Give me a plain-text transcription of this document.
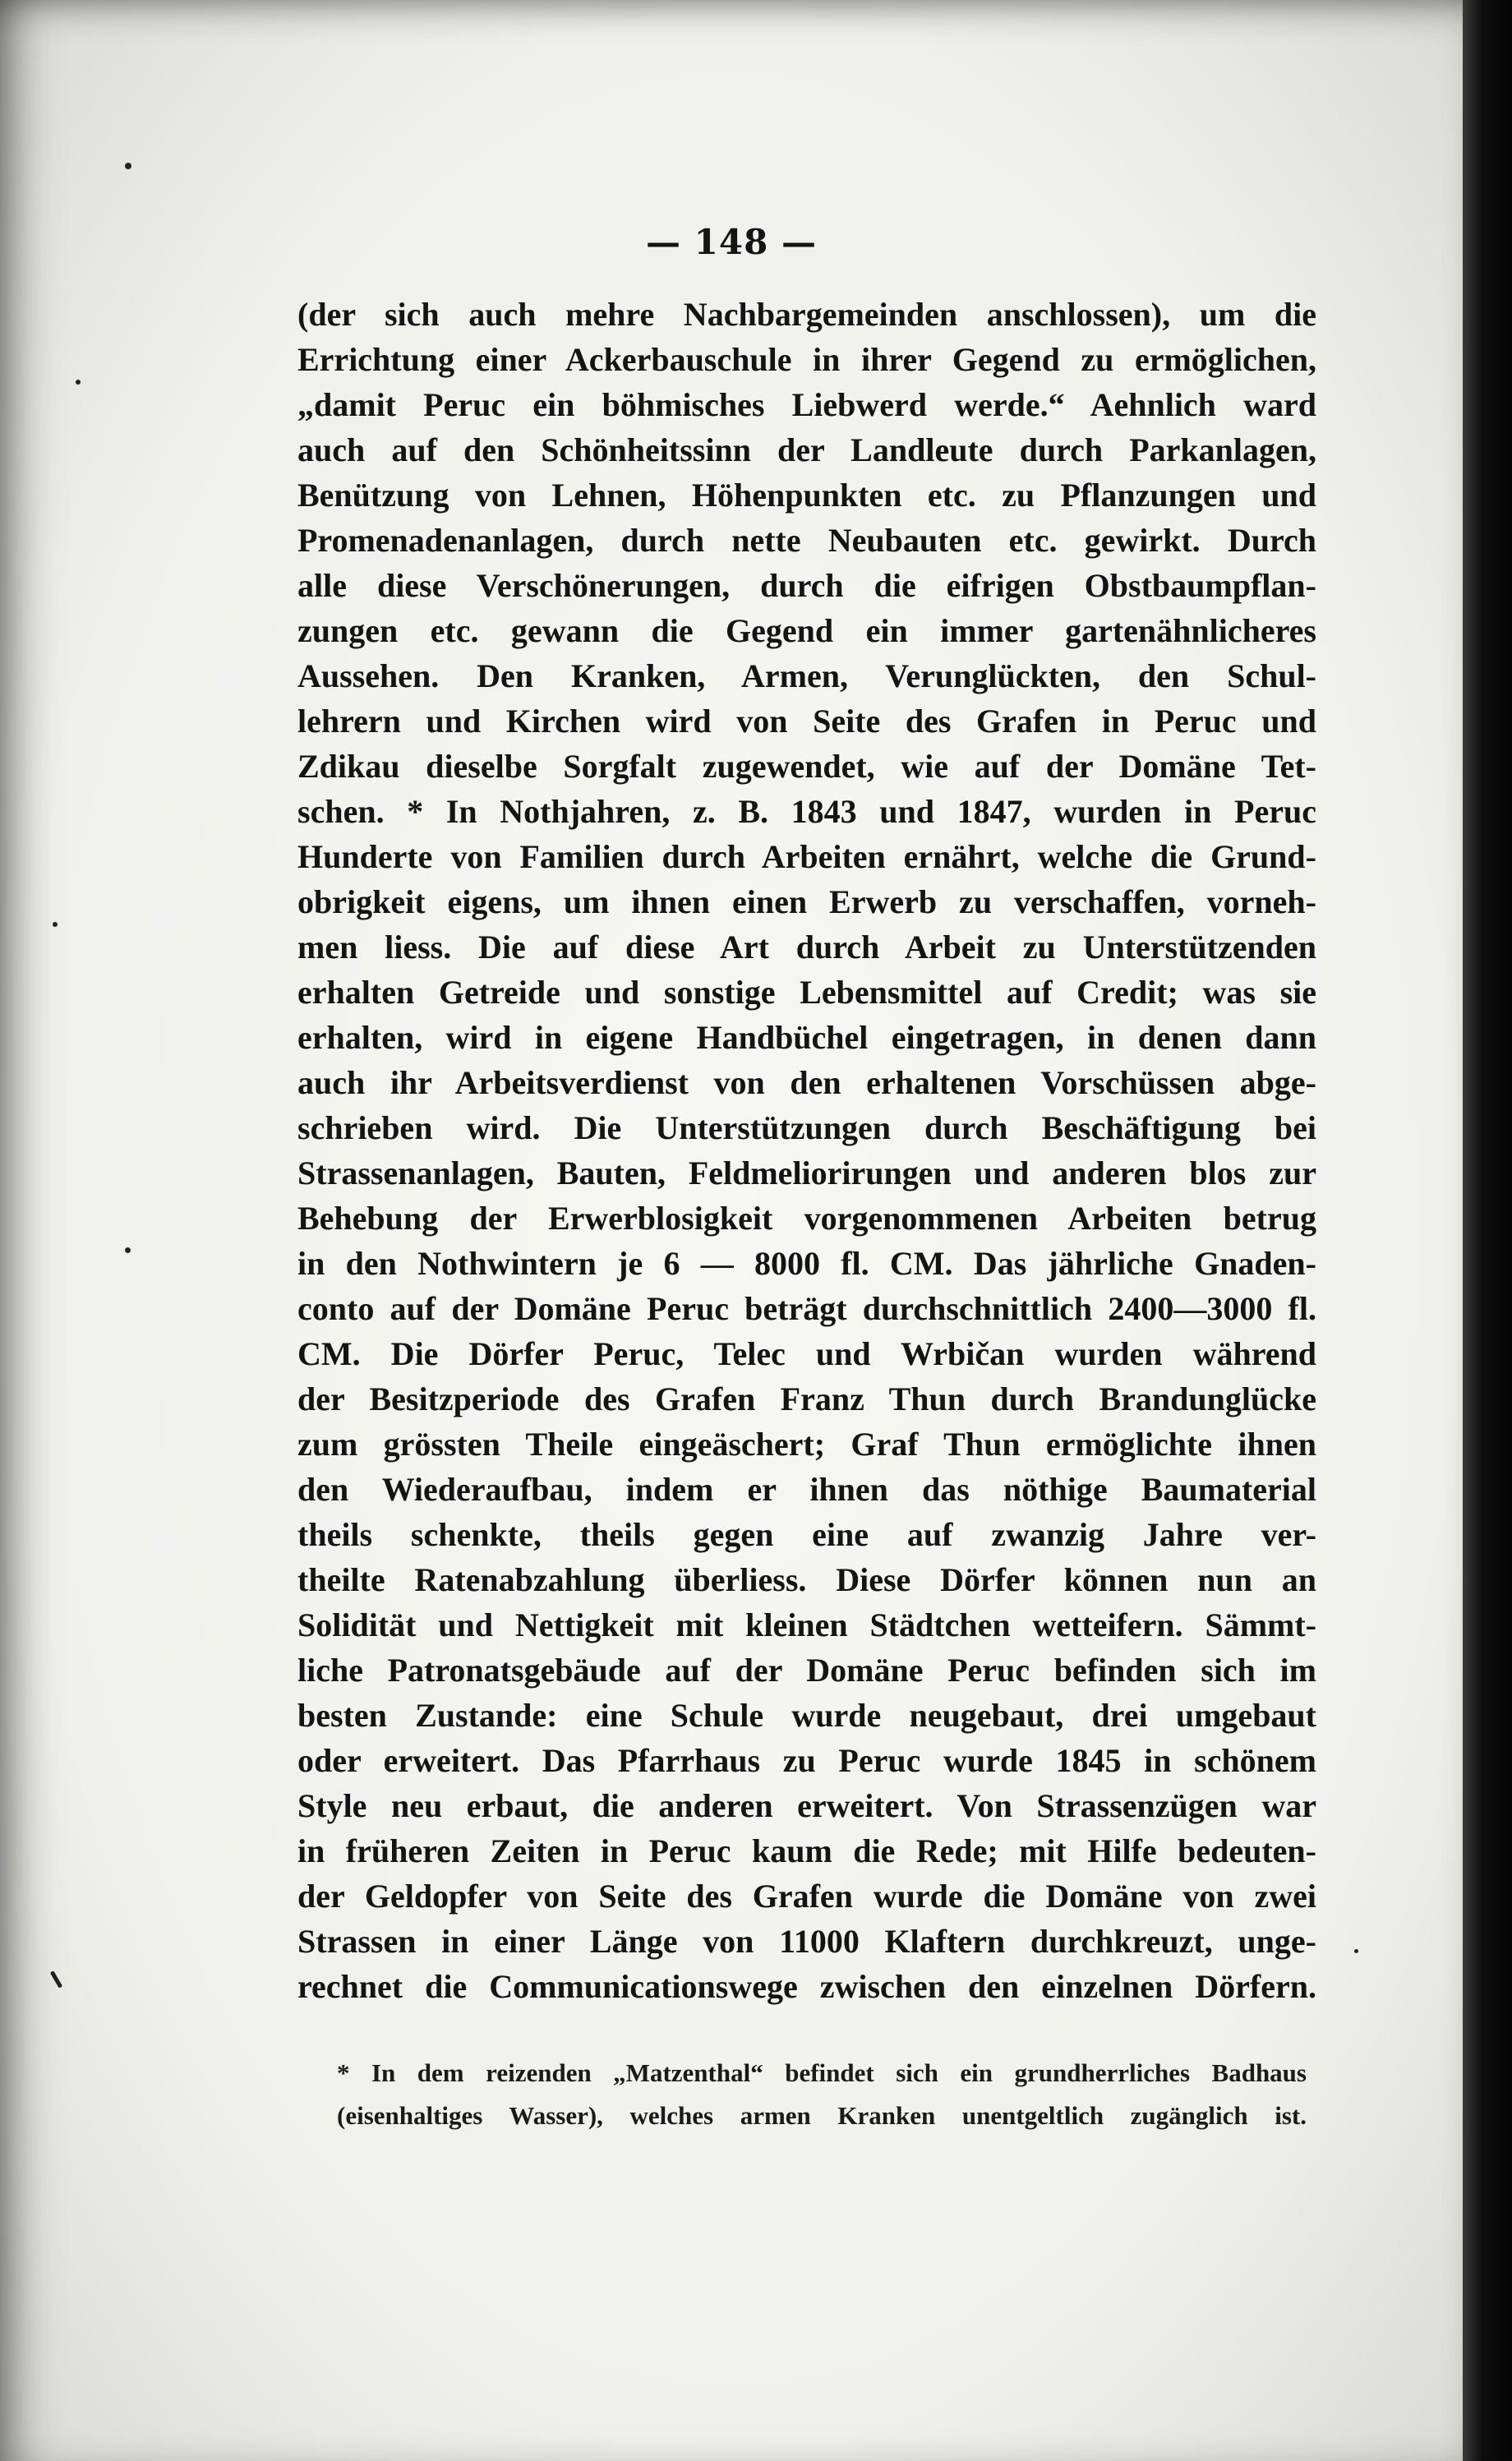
— 148 —
(der sich auch mehre Nachbargemeinden anschlossen), um die
Errichtung einer Ackerbauschule in ihrer Gegend zu ermöglichen,
„damit Peruc ein böhmisches Liebwerd werde.“ Aehnlich ward
auch auf den Schönheitssinn der Landleute durch Parkanlagen,
Benützung von Lehnen, Höhenpunkten etc. zu Pflanzungen und
Promenadenanlagen, durch nette Neubauten etc. gewirkt. Durch
alle diese Verschönerungen, durch die eifrigen Obstbaumpflan-
zungen etc. gewann die Gegend ein immer gartenähnlicheres
Aussehen. Den Kranken, Armen, Verunglückten, den Schul-
lehrern und Kirchen wird von Seite des Grafen in Peruc und
Zdikau dieselbe Sorgfalt zugewendet, wie auf der Domäne Tet-
schen. * In Nothjahren, z. B. 1843 und 1847, wurden in Peruc
Hunderte von Familien durch Arbeiten ernährt, welche die Grund-
obrigkeit eigens, um ihnen einen Erwerb zu verschaffen, vorneh-
men liess. Die auf diese Art durch Arbeit zu Unterstützenden
erhalten Getreide und sonstige Lebensmittel auf Credit; was sie
erhalten, wird in eigene Handbüchel eingetragen, in denen dann
auch ihr Arbeitsverdienst von den erhaltenen Vorschüssen abge-
schrieben wird. Die Unterstützungen durch Beschäftigung bei
Strassenanlagen, Bauten, Feldmeliorirungen und anderen blos zur
Behebung der Erwerblosigkeit vorgenommenen Arbeiten betrug
in den Nothwintern je 6 — 8000 fl. CM. Das jährliche Gnaden-
conto auf der Domäne Peruc beträgt durchschnittlich 2400—3000 fl.
CM. Die Dörfer Peruc, Telec und Wrbičan wurden während
der Besitzperiode des Grafen Franz Thun durch Brandunglücke
zum grössten Theile eingeäschert; Graf Thun ermöglichte ihnen
den Wiederaufbau, indem er ihnen das nöthige Baumaterial
theils schenkte, theils gegen eine auf zwanzig Jahre ver-
theilte Ratenabzahlung überliess. Diese Dörfer können nun an
Solidität und Nettigkeit mit kleinen Städtchen wetteifern. Sämmt-
liche Patronatsgebäude auf der Domäne Peruc befinden sich im
besten Zustande: eine Schule wurde neugebaut, drei umgebaut
oder erweitert. Das Pfarrhaus zu Peruc wurde 1845 in schönem
Style neu erbaut, die anderen erweitert. Von Strassenzügen war
in früheren Zeiten in Peruc kaum die Rede; mit Hilfe bedeuten-
der Geldopfer von Seite des Grafen wurde die Domäne von zwei
Strassen in einer Länge von 11000 Klaftern durchkreuzt, unge-
rechnet die Communicationswege zwischen den einzelnen Dörfern.
* In dem reizenden „Matzenthal“ befindet sich ein grundherrliches Badhaus
(eisenhaltiges Wasser), welches armen Kranken unentgeltlich zugänglich ist.
